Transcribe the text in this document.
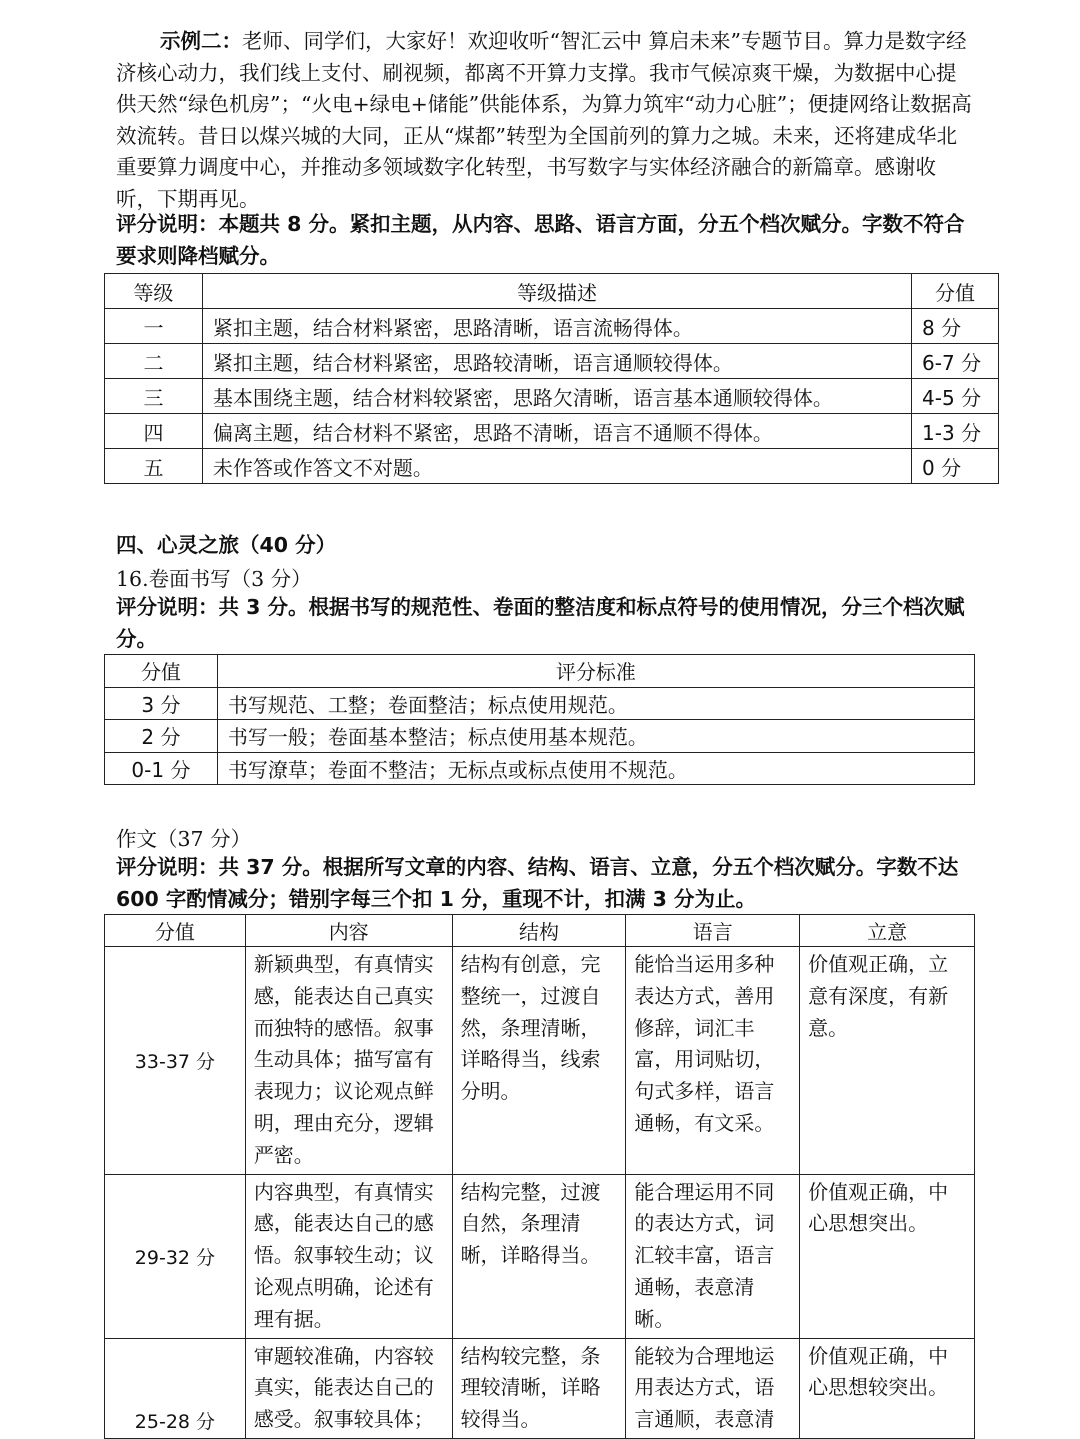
示例二：老师、同学们，大家好！欢迎收听“智汇云中 算启未来”专题节目。算力是数字经济核心动力，我们线上支付、刷视频，都离不开算力支撑。我市气候凉爽干燥，为数据中心提供天然“绿色机房”；“火电+绿电+储能”供能体系，为算力筑牢“动力心脏”；便捷网络让数据高效流转。昔日以煤兴城的大同，正从“煤都”转型为全国前列的算力之城。未来，还将建成华北重要算力调度中心，并推动多领域数字化转型，书写数字与实体经济融合的新篇章。感谢收听，下期再见。
评分说明：本题共 8 分。紧扣主题，从内容、思路、语言方面，分五个档次赋分。字数不符合要求则降档赋分。
等级	等级描述	分值
一	紧扣主题，结合材料紧密，思路清晰，语言流畅得体。	8 分
二	紧扣主题，结合材料紧密，思路较清晰，语言通顺较得体。	6-7 分
三	基本围绕主题，结合材料较紧密，思路欠清晰，语言基本通顺较得体。	4-5 分
四	偏离主题，结合材料不紧密，思路不清晰，语言不通顺不得体。	1-3 分
五	未作答或作答文不对题。	0 分
四、心灵之旅（40 分）
16.卷面书写（3 分）
评分说明：共 3 分。根据书写的规范性、卷面的整洁度和标点符号的使用情况，分三个档次赋分。
分值	评分标准
3 分	书写规范、工整；卷面整洁；标点使用规范。
2 分	书写一般；卷面基本整洁；标点使用基本规范。
0-1 分	书写潦草；卷面不整洁；无标点或标点使用不规范。
作文（37 分）
评分说明：共 37 分。根据所写文章的内容、结构、语言、立意，分五个档次赋分。字数不达 600 字酌情减分；错别字每三个扣 1 分，重现不计，扣满 3 分为止。
分值	内容	结构	语言	立意
33-37 分	新颖典型，有真情实感，能表达自己真实而独特的感悟。叙事生动具体；描写富有表现力；议论观点鲜明，理由充分，逻辑严密。	结构有创意，完整统一，过渡自然，条理清晰，详略得当，线索分明。	能恰当运用多种表达方式，善用修辞，词汇丰富，用词贴切，句式多样，语言通畅，有文采。	价值观正确，立意有深度，有新意。
29-32 分	内容典型，有真情实感，能表达自己的感悟。叙事较生动；议论观点明确，论述有理有据。	结构完整，过渡自然，条理清晰，详略得当。	能合理运用不同的表达方式，词汇较丰富，语言通畅，表意清晰。	价值观正确，中心思想突出。
25-28 分	审题较准确，内容较真实，能表达自己的感受。叙事较具体；	结构较完整，条理较清晰，详略较得当。	能较为合理地运用表达方式，语言通顺，表意清	价值观正确，中心思想较突出。
